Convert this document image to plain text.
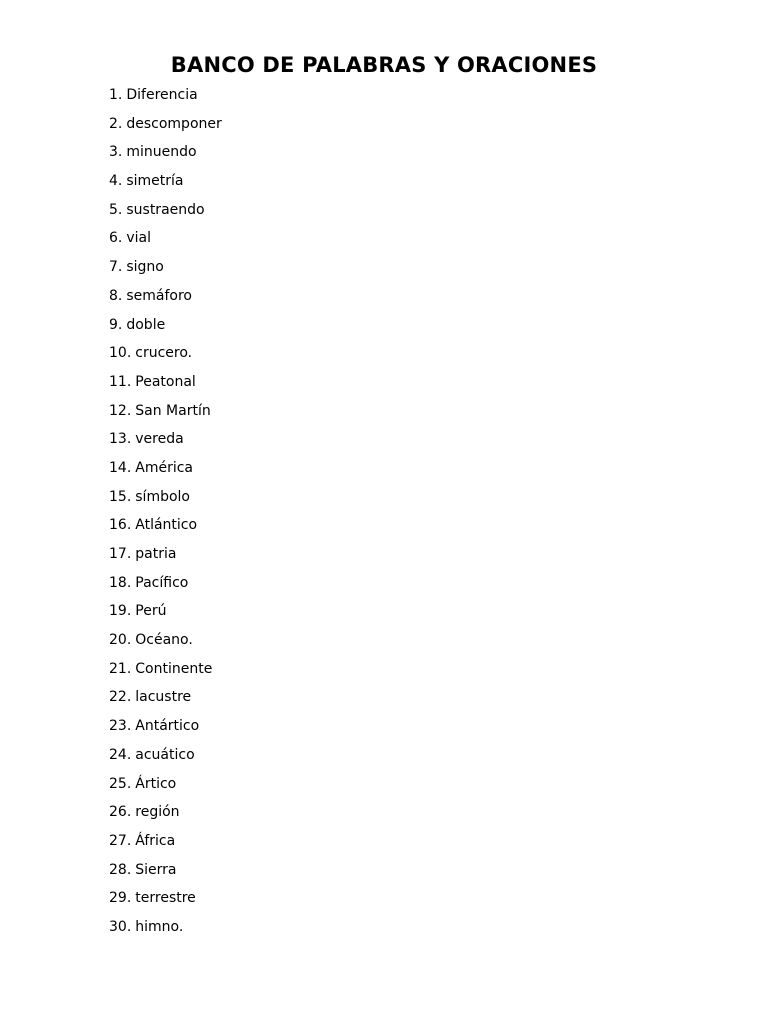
BANCO DE PALABRAS Y ORACIONES
1. Diferencia
2. descomponer
3. minuendo
4. simetría
5. sustraendo
6. vial
7. signo
8. semáforo
9. doble
10. crucero.
11. Peatonal
12. San Martín
13. vereda
14. América
15. símbolo
16. Atlántico
17. patria
18. Pacífico
19. Perú
20. Océano.
21. Continente
22. lacustre
23. Antártico
24. acuático
25. Ártico
26. región
27. África
28. Sierra
29. terrestre
30. himno.
